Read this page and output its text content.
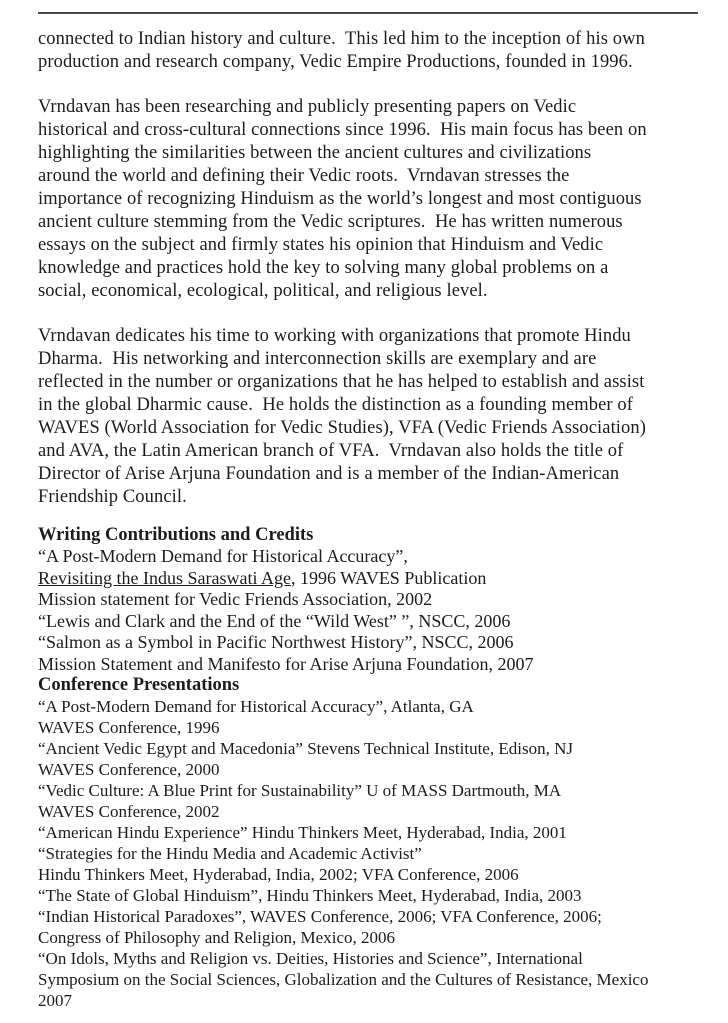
connected to Indian history and culture.  This led him to the inception of his own
production and research company, Vedic Empire Productions, founded in 1996.
Vrndavan has been researching and publicly presenting papers on Vedic
historical and cross-cultural connections since 1996.  His main focus has been on
highlighting the similarities between the ancient cultures and civilizations
around the world and defining their Vedic roots.  Vrndavan stresses the
importance of recognizing Hinduism as the world’s longest and most contiguous
ancient culture stemming from the Vedic scriptures.  He has written numerous
essays on the subject and firmly states his opinion that Hinduism and Vedic
knowledge and practices hold the key to solving many global problems on a
social, economical, ecological, political, and religious level.
Vrndavan dedicates his time to working with organizations that promote Hindu
Dharma.  His networking and interconnection skills are exemplary and are
reflected in the number or organizations that he has helped to establish and assist
in the global Dharmic cause.  He holds the distinction as a founding member of
WAVES (World Association for Vedic Studies), VFA (Vedic Friends Association)
and AVA, the Latin American branch of VFA.  Vrndavan also holds the title of
Director of Arise Arjuna Foundation and is a member of the Indian-American
Friendship Council.
Writing Contributions and Credits
“A Post-Modern Demand for Historical Accuracy”,
Revisiting the Indus Saraswati Age, 1996 WAVES Publication
Mission statement for Vedic Friends Association, 2002
“Lewis and Clark and the End of the “Wild West” ”, NSCC, 2006
“Salmon as a Symbol in Pacific Northwest History”, NSCC, 2006
Mission Statement and Manifesto for Arise Arjuna Foundation, 2007
Conference Presentations
“A Post-Modern Demand for Historical Accuracy”, Atlanta, GA
WAVES Conference, 1996
“Ancient Vedic Egypt and Macedonia” Stevens Technical Institute, Edison, NJ
WAVES Conference, 2000
“Vedic Culture: A Blue Print for Sustainability” U of MASS Dartmouth, MA
WAVES Conference, 2002
“American Hindu Experience” Hindu Thinkers Meet, Hyderabad, India, 2001
“Strategies for the Hindu Media and Academic Activist”
Hindu Thinkers Meet, Hyderabad, India, 2002; VFA Conference, 2006
“The State of Global Hinduism”, Hindu Thinkers Meet, Hyderabad, India, 2003
“Indian Historical Paradoxes”, WAVES Conference, 2006; VFA Conference, 2006;
Congress of Philosophy and Religion, Mexico, 2006
“On Idols, Myths and Religion vs. Deities, Histories and Science”, International
Symposium on the Social Sciences, Globalization and the Cultures of Resistance, Mexico
2007
